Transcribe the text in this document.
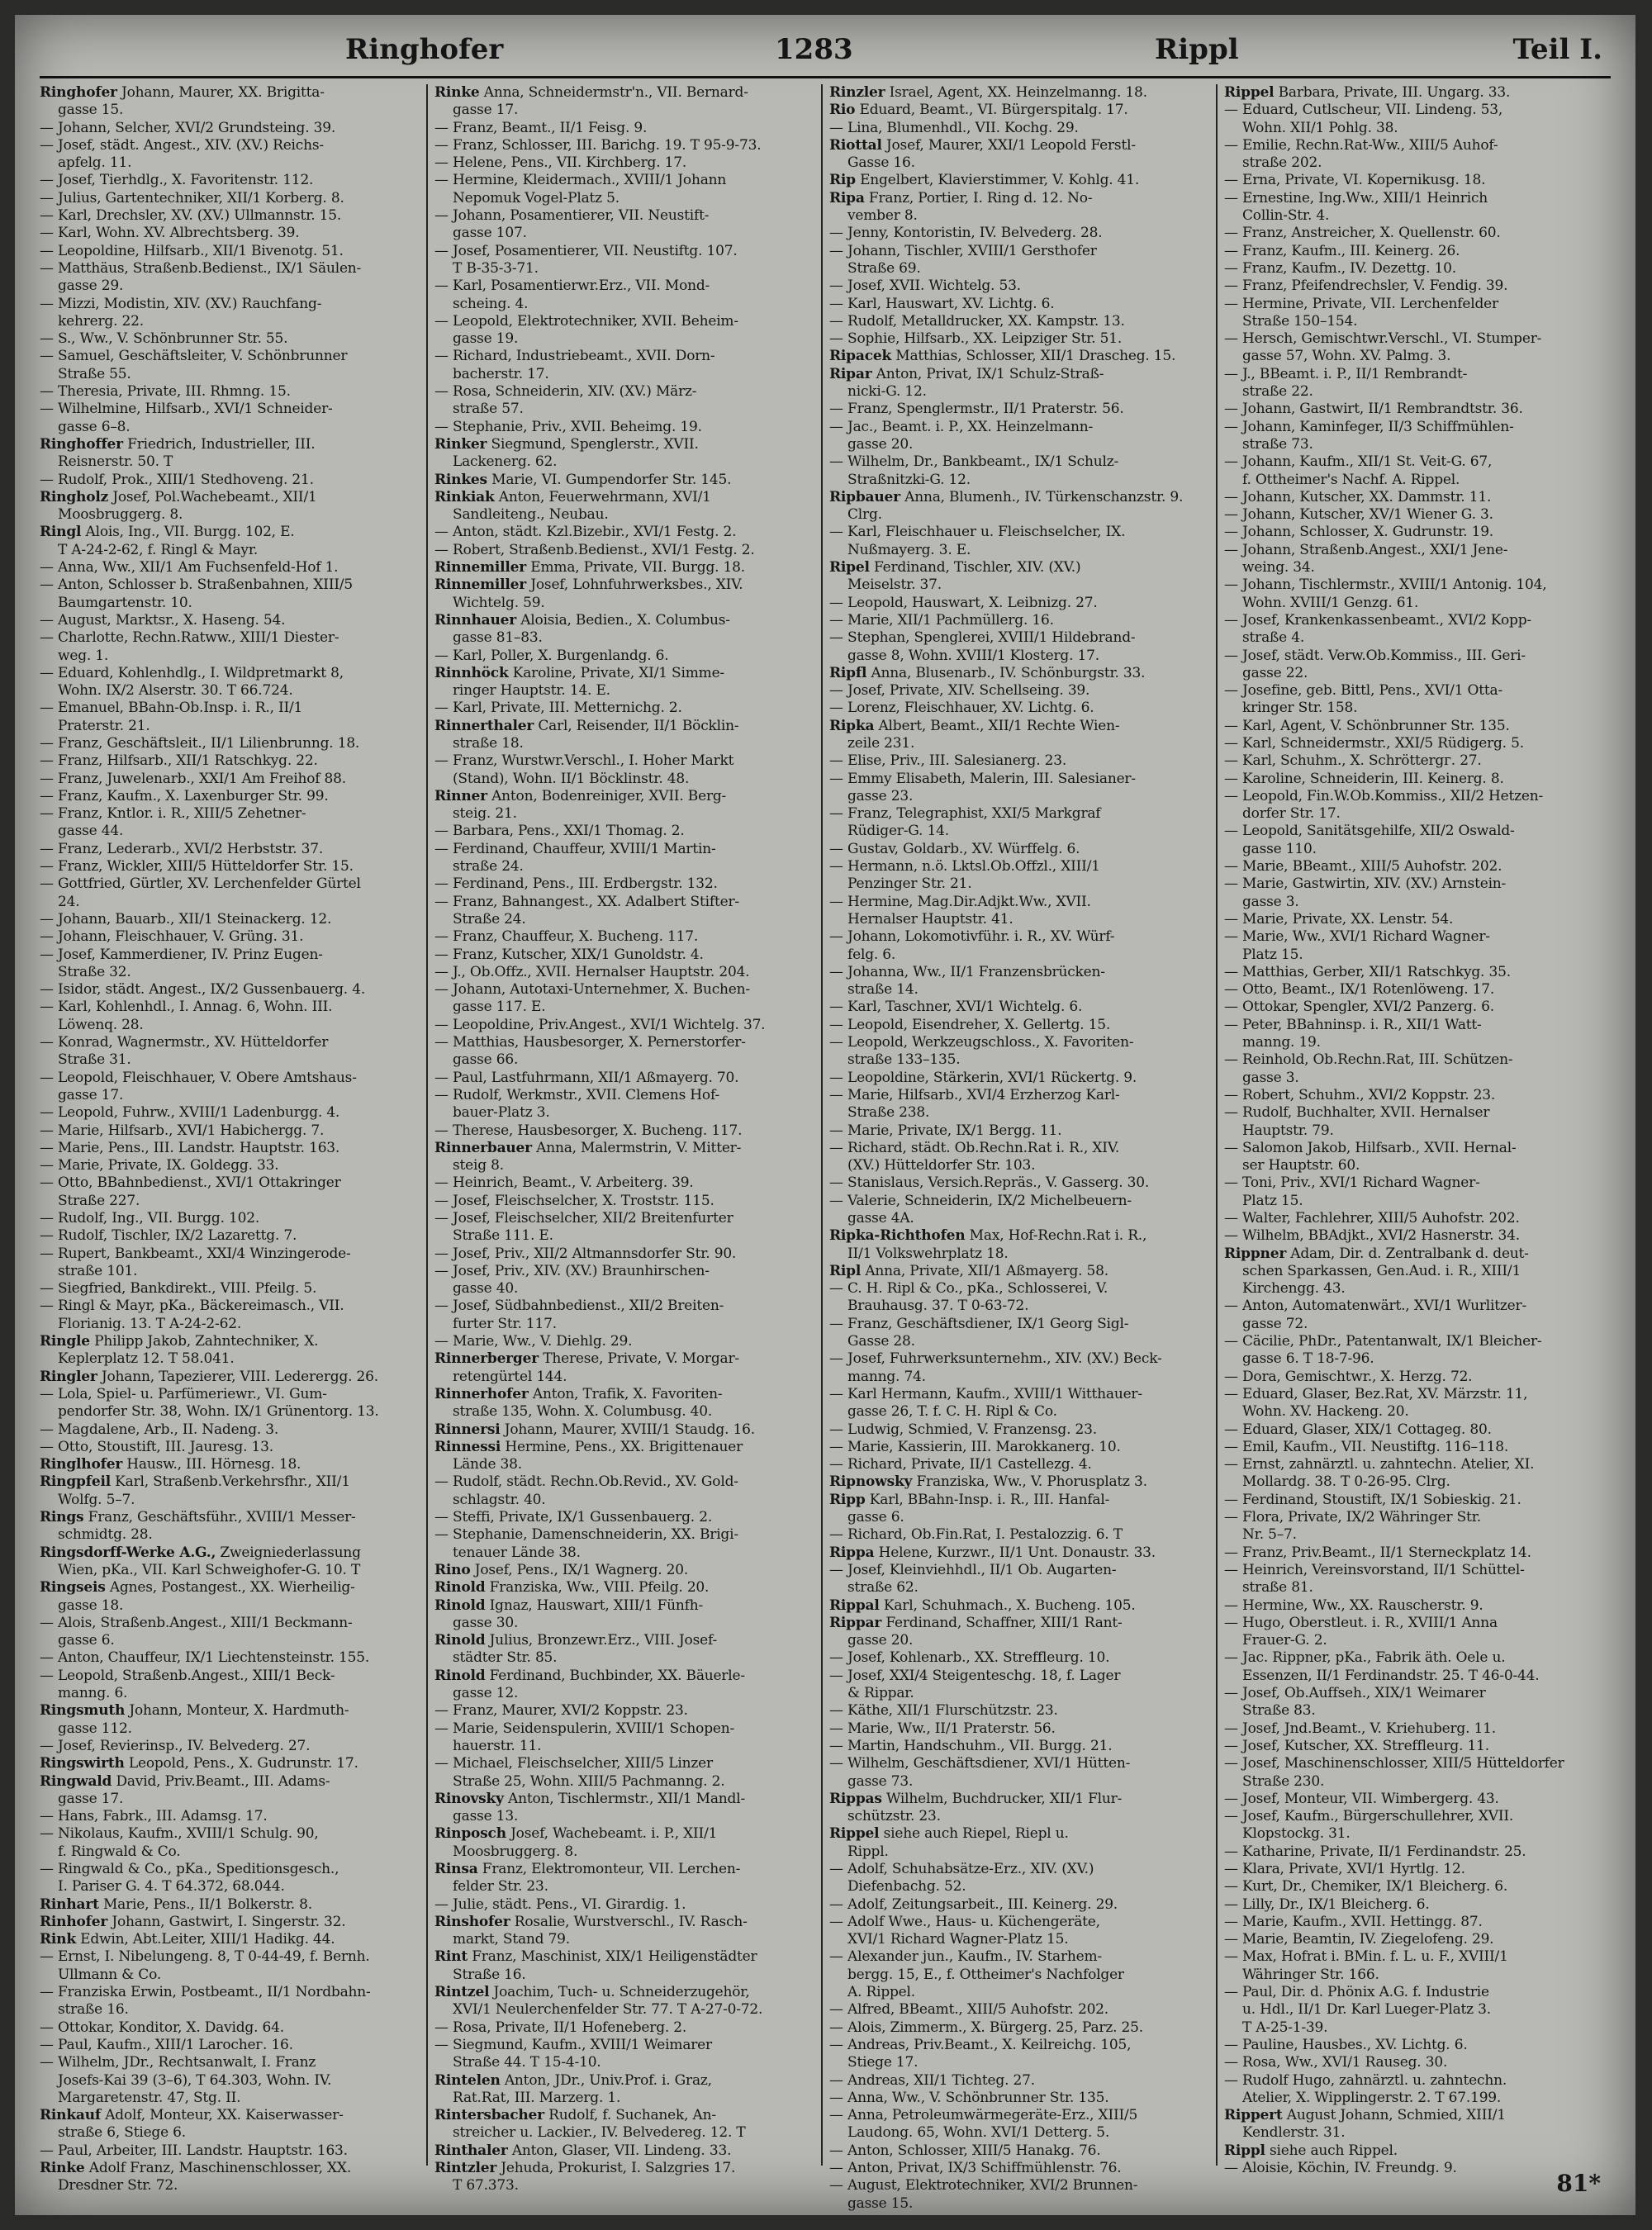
Ringhofer	1283	Rippl	Teil I.
Ringhofer Johann, Maurer, XX. Brigitta-
gasse 15.
— Johann, Selcher, XVI/2 Grundsteing. 39.
— Josef, städt. Angest., XIV. (XV.) Reichs-
apfelg. 11.
— Josef, Tierhdlg., X. Favoritenstr. 112.
— Julius, Gartentechniker, XII/1 Korberg. 8.
— Karl, Drechsler, XV. (XV.) Ullmannstr. 15.
— Karl, Wohn. XV. Albrechtsberg. 39.
— Leopoldine, Hilfsarb., XII/1 Bivenotg. 51.
— Matthäus, Straßenb.Bedienst., IX/1 Säulen-
gasse 29.
— Mizzi, Modistin, XIV. (XV.) Rauchfang-
kehrerg. 22.
— S., Ww., V. Schönbrunner Str. 55.
— Samuel, Geschäftsleiter, V. Schönbrunner
Straße 55.
— Theresia, Private, III. Rhmng. 15.
— Wilhelmine, Hilfsarb., XVI/1 Schneider-
gasse 6–8.
Ringhoffer Friedrich, Industrieller, III.
Reisnerstr. 50. T
— Rudolf, Prok., XIII/1 Stedhoveng. 21.
Ringholz Josef, Pol.Wachebeamt., XII/1
Moosbruggerg. 8.
Ringl Alois, Ing., VII. Burgg. 102, E.
T A-24-2-62, f. Ringl & Mayr.
— Anna, Ww., XII/1 Am Fuchsenfeld-Hof 1.
— Anton, Schlosser b. Straßenbahnen, XIII/5
Baumgartenstr. 10.
— August, Marktsr., X. Haseng. 54.
— Charlotte, Rechn.Ratww., XIII/1 Diester-
weg. 1.
— Eduard, Kohlenhdlg., I. Wildpretmarkt 8,
Wohn. IX/2 Alserstr. 30. T 66.724.
— Emanuel, BBahn-Ob.Insp. i. R., II/1
Praterstr. 21.
— Franz, Geschäftsleit., II/1 Lilienbrunng. 18.
— Franz, Hilfsarb., XII/1 Ratschkyg. 22.
— Franz, Juwelenarb., XXI/1 Am Freihof 88.
— Franz, Kaufm., X. Laxenburger Str. 99.
— Franz, Kntlor. i. R., XIII/5 Zehetner-
gasse 44.
— Franz, Lederarb., XVI/2 Herbststr. 37.
— Franz, Wickler, XIII/5 Hütteldorfer Str. 15.
— Gottfried, Gürtler, XV. Lerchenfelder Gürtel
24.
— Johann, Bauarb., XII/1 Steinackerg. 12.
— Johann, Fleischhauer, V. Grüng. 31.
— Josef, Kammerdiener, IV. Prinz Eugen-
Straße 32.
— Isidor, städt. Angest., IX/2 Gussenbauerg. 4.
— Karl, Kohlenhdl., I. Annag. 6, Wohn. III.
Löwenq. 28.
— Konrad, Wagnermstr., XV. Hütteldorfer
Straße 31.
— Leopold, Fleischhauer, V. Obere Amtshaus-
gasse 17.
— Leopold, Fuhrw., XVIII/1 Ladenburgg. 4.
— Marie, Hilfsarb., XVI/1 Habichergg. 7.
— Marie, Pens., III. Landstr. Hauptstr. 163.
— Marie, Private, IX. Goldegg. 33.
— Otto, BBahnbedienst., XVI/1 Ottakringer
Straße 227.
— Rudolf, Ing., VII. Burgg. 102.
— Rudolf, Tischler, IX/2 Lazarettg. 7.
— Rupert, Bankbeamt., XXI/4 Winzingerode-
straße 101.
— Siegfried, Bankdirekt., VIII. Pfeilg. 5.
— Ringl & Mayr, pKa., Bäckereimasch., VII.
Florianig. 13. T A-24-2-62.
Ringle Philipp Jakob, Zahntechniker, X.
Keplerplatz 12. T 58.041.
Ringler Johann, Tapezierer, VIII. Lederergg. 26.
— Lola, Spiel- u. Parfümeriewr., VI. Gum-
pendorfer Str. 38, Wohn. IX/1 Grünentorg. 13.
— Magdalene, Arb., II. Nadeng. 3.
— Otto, Stoustift, III. Jauresg. 13.
Ringlhofer Hausw., III. Hörnesg. 18.
Ringpfeil Karl, Straßenb.Verkehrsfhr., XII/1
Wolfg. 5–7.
Rings Franz, Geschäftsführ., XVIII/1 Messer-
schmidtg. 28.
Ringsdorff-Werke A.G., Zweigniederlassung
Wien, pKa., VII. Karl Schweighofer-G. 10. T
Ringseis Agnes, Postangest., XX. Wierheilig-
gasse 18.
— Alois, Straßenb.Angest., XIII/1 Beckmann-
gasse 6.
— Anton, Chauffeur, IX/1 Liechtensteinstr. 155.
— Leopold, Straßenb.Angest., XIII/1 Beck-
manng. 6.
Ringsmuth Johann, Monteur, X. Hardmuth-
gasse 112.
— Josef, Revierinsp., IV. Belvederg. 27.
Ringswirth Leopold, Pens., X. Gudrunstr. 17.
Ringwald David, Priv.Beamt., III. Adams-
gasse 17.
— Hans, Fabrk., III. Adamsg. 17.
— Nikolaus, Kaufm., XVIII/1 Schulg. 90,
f. Ringwald & Co.
— Ringwald & Co., pKa., Speditionsgesch.,
I. Pariser G. 4. T 64.372, 68.044.
Rinhart Marie, Pens., II/1 Bolkerstr. 8.
Rinhofer Johann, Gastwirt, I. Singerstr. 32.
Rink Edwin, Abt.Leiter, XIII/1 Hadikg. 44.
— Ernst, I. Nibelungeng. 8, T 0-44-49, f. Bernh.
Ullmann & Co.
— Franziska Erwin, Postbeamt., II/1 Nordbahn-
straße 16.
— Ottokar, Konditor, X. Davidg. 64.
— Paul, Kaufm., XIII/1 Larochег. 16.
— Wilhelm, JDr., Rechtsanwalt, I. Franz
Josefs-Kai 39 (3–6), T 64.303, Wohn. IV.
Margaretenstr. 47, Stg. II.
Rinkauf Adolf, Monteur, XX. Kaiserwasser-
straße 6, Stiege 6.
— Paul, Arbeiter, III. Landstr. Hauptstr. 163.
Rinke Adolf Franz, Maschinenschlosser, XX.
Dresdner Str. 72.
Rinke Anna, Schneidermstr'n., VII. Bernard-
gasse 17.
— Franz, Beamt., II/1 Feisg. 9.
— Franz, Schlosser, III. Barichg. 19. T 95-9-73.
— Helene, Pens., VII. Kirchberg. 17.
— Hermine, Kleidermach., XVIII/1 Johann
Nepomuk Vogel-Platz 5.
— Johann, Posamentierer, VII. Neustift-
gasse 107.
— Josef, Posamentierer, VII. Neustiftg. 107.
T B-35-3-71.
— Karl, Posamentierwr.Erz., VII. Mond-
scheing. 4.
— Leopold, Elektrotechniker, XVII. Beheim-
gasse 19.
— Richard, Industriebeamt., XVII. Dorn-
bacherstr. 17.
— Rosa, Schneiderin, XIV. (XV.) März-
straße 57.
— Stephanie, Priv., XVII. Beheimg. 19.
Rinker Siegmund, Spenglerstr., XVII.
Lackenerg. 62.
Rinkes Marie, VI. Gumpendorfer Str. 145.
Rinkiak Anton, Feuerwehrmann, XVI/1
Sandleiteng., Neubau.
— Anton, städt. Kzl.Bizebir., XVI/1 Festg. 2.
— Robert, Straßenb.Bedienst., XVI/1 Festg. 2.
Rinnemiller Emma, Private, VII. Burgg. 18.
Rinnemiller Josef, Lohnfuhrwerksbes., XIV.
Wichtelg. 59.
Rinnhauer Aloisia, Bedien., X. Columbus-
gasse 81–83.
— Karl, Poller, X. Burgenlandg. 6.
Rinnhöck Karoline, Private, XI/1 Simme-
ringer Hauptstr. 14. E.
— Karl, Private, III. Metternichg. 2.
Rinnerthaler Carl, Reisender, II/1 Böcklin-
straße 18.
— Franz, Wurstwr.Verschl., I. Hoher Markt
(Stand), Wohn. II/1 Böcklinstr. 48.
Rinner Anton, Bodenreiniger, XVII. Berg-
steig. 21.
— Barbara, Pens., XXI/1 Thomag. 2.
— Ferdinand, Chauffeur, XVIII/1 Martin-
straße 24.
— Ferdinand, Pens., III. Erdbergstr. 132.
— Franz, Bahnangest., XX. Adalbert Stifter-
Straße 24.
— Franz, Chauffeur, X. Bucheng. 117.
— Franz, Kutscher, XIX/1 Gunoldstr. 4.
— J., Ob.Offz., XVII. Hernalser Hauptstr. 204.
— Johann, Autotaxi-Unternehmer, X. Buchen-
gasse 117. E.
— Leopoldine, Priv.Angest., XVI/1 Wichtelg. 37.
— Matthias, Hausbesorger, X. Pernerstorfer-
gasse 66.
— Paul, Lastfuhrmann, XII/1 Aßmayerg. 70.
— Rudolf, Werkmstr., XVII. Clemens Hof-
bauer-Platz 3.
— Therese, Hausbesorger, X. Bucheng. 117.
Rinnerbauer Anna, Malermstrin, V. Mitter-
steig 8.
— Heinrich, Beamt., V. Arbeiterg. 39.
— Josef, Fleischselcher, X. Troststr. 115.
— Josef, Fleischselcher, XII/2 Breitenfurter
Straße 111. E.
— Josef, Priv., XII/2 Altmannsdorfer Str. 90.
— Josef, Priv., XIV. (XV.) Braunhirschen-
gasse 40.
— Josef, Südbahnbedienst., XII/2 Breiten-
furter Str. 117.
— Marie, Ww., V. Diehlg. 29.
Rinnerberger Therese, Private, V. Morgar-
retengürtel 144.
Rinnerhofer Anton, Trafik, X. Favoriten-
straße 135, Wohn. X. Columbusg. 40.
Rinnersi Johann, Maurer, XVIII/1 Staudg. 16.
Rinnessi Hermine, Pens., XX. Brigittenauer
Lände 38.
— Rudolf, städt. Rechn.Ob.Revid., XV. Gold-
schlagstr. 40.
— Steffi, Private, IX/1 Gussenbauerg. 2.
— Stephanie, Damenschneiderin, XX. Brigi-
tenauer Lände 38.
Rino Josef, Pens., IX/1 Wagnerg. 20.
Rinold Franziska, Ww., VIII. Pfeilg. 20.
Rinold Ignaz, Hauswart, XIII/1 Fünfh-
gasse 30.
Rinold Julius, Bronzewr.Erz., VIII. Josef-
städter Str. 85.
Rinold Ferdinand, Buchbinder, XX. Bäuerle-
gasse 12.
— Franz, Maurer, XVI/2 Koppstr. 23.
— Marie, Seidenspulerin, XVIII/1 Schopen-
hauerstr. 11.
— Michael, Fleischselcher, XIII/5 Linzer
Straße 25, Wohn. XIII/5 Pachmanng. 2.
Rinovsky Anton, Tischlermstr., XII/1 Mandl-
gasse 13.
Rinposch Josef, Wachebeamt. i. P., XII/1
Moosbruggerg. 8.
Rinsa Franz, Elektromonteur, VII. Lerchen-
felder Str. 23.
— Julie, städt. Pens., VI. Girardig. 1.
Rinshofer Rosalie, Wurstverschl., IV. Rasch-
markt, Stand 79.
Rint Franz, Maschinist, XIX/1 Heiligenstädter
Straße 16.
Rintzel Joachim, Tuch- u. Schneiderzugehör,
XVI/1 Neulerchenfelder Str. 77. T A-27-0-72.
— Rosa, Private, II/1 Hofeneberg. 2.
— Siegmund, Kaufm., XVIII/1 Weimarer
Straße 44. T 15-4-10.
Rintelen Anton, JDr., Univ.Prof. i. Graz,
Rat.Rat, III. Marzerg. 1.
Rintersbacher Rudolf, f. Suchanek, An-
streicher u. Lackier., IV. Belvedereg. 12. T
Rinthaler Anton, Glaser, VII. Lindeng. 33.
Rintzler Jehuda, Prokurist, I. Salzgries 17.
T 67.373.
Rinzler Israel, Agent, XX. Heinzelmanng. 18.
Rio Eduard, Beamt., VI. Bürgerspitalg. 17.
— Lina, Blumenhdl., VII. Kochg. 29.
Riottal Josef, Maurer, XXI/1 Leopold Ferstl-
Gasse 16.
Rip Engelbert, Klavierstimmer, V. Kohlg. 41.
Ripa Franz, Portier, I. Ring d. 12. No-
vember 8.
— Jenny, Kontoristin, IV. Belvederg. 28.
— Johann, Tischler, XVIII/1 Gersthofer
Straße 69.
— Josef, XVII. Wichtelg. 53.
— Karl, Hauswart, XV. Lichtg. 6.
— Rudolf, Metalldrucker, XX. Kampstr. 13.
— Sophie, Hilfsarb., XX. Leipziger Str. 51.
Ripacek Matthias, Schlosser, XII/1 Drascheg. 15.
Ripar Anton, Privat, IX/1 Schulz-Straß-
nicki-G. 12.
— Franz, Spenglermstr., II/1 Praterstr. 56.
— Jac., Beamt. i. P., XX. Heinzelmann-
gasse 20.
— Wilhelm, Dr., Bankbeamt., IX/1 Schulz-
Straßnitzki-G. 12.
Ripbauer Anna, Blumenh., IV. Türkenschanzstr. 9.
Clrg.
— Karl, Fleischhauer u. Fleischselcher, IX.
Nußmayerg. 3. E.
Ripel Ferdinand, Tischler, XIV. (XV.)
Meiselstr. 37.
— Leopold, Hauswart, X. Leibnizg. 27.
— Marie, XII/1 Pachmüllerg. 16.
— Stephan, Spenglerei, XVIII/1 Hildebrand-
gasse 8, Wohn. XVIII/1 Klosterg. 17.
Ripfl Anna, Blusenarb., IV. Schönburgstr. 33.
— Josef, Private, XIV. Schellseing. 39.
— Lorenz, Fleischhauer, XV. Lichtg. 6.
Ripka Albert, Beamt., XII/1 Rechte Wien-
zeile 231.
— Elise, Priv., III. Salesianerg. 23.
— Emmy Elisabeth, Malerin, III. Salesianer-
gasse 23.
— Franz, Telegraphist, XXI/5 Markgraf
Rüdiger-G. 14.
— Gustav, Goldarb., XV. Würffelg. 6.
— Hermann, n.ö. Lktsl.Ob.Offzl., XIII/1
Penzinger Str. 21.
— Hermine, Mag.Dir.Adjkt.Ww., XVII.
Hernalser Hauptstr. 41.
— Johann, Lokomotivführ. i. R., XV. Würf-
felg. 6.
— Johanna, Ww., II/1 Franzensbrücken-
straße 14.
— Karl, Taschner, XVI/1 Wichtelg. 6.
— Leopold, Eisendreher, X. Gellertg. 15.
— Leopold, Werkzeugschloss., X. Favoriten-
straße 133–135.
— Leopoldine, Stärkerin, XVI/1 Rückertg. 9.
— Marie, Hilfsarb., XVI/4 Erzherzog Karl-
Straße 238.
— Marie, Private, IX/1 Bergg. 11.
— Richard, städt. Ob.Rechn.Rat i. R., XIV.
(XV.) Hütteldorfer Str. 103.
— Stanislaus, Versich.Repräs., V. Gasserg. 30.
— Valerie, Schneiderin, IX/2 Michelbeuern-
gasse 4A.
Ripka-Richthofen Max, Hof-Rechn.Rat i. R.,
II/1 Volkswehrplatz 18.
Ripl Anna, Private, XII/1 Aßmayerg. 58.
— C. H. Ripl & Co., pKa., Schlosserei, V.
Brauhausg. 37. T 0-63-72.
— Franz, Geschäftsdiener, IX/1 Georg Sigl-
Gasse 28.
— Josef, Fuhrwerksunternehm., XIV. (XV.) Beck-
manng. 74.
— Karl Hermann, Kaufm., XVIII/1 Witthauer-
gasse 26, T. f. C. H. Ripl & Co.
— Ludwig, Schmied, V. Franzensg. 23.
— Marie, Kassierin, III. Marokkanerg. 10.
— Richard, Private, II/1 Castellezg. 4.
Ripnowsky Franziska, Ww., V. Phorusplatz 3.
Ripp Karl, BBahn-Insp. i. R., III. Hanfal-
gasse 6.
— Richard, Ob.Fin.Rat, I. Pestalozzig. 6. T
Rippa Helene, Kurzwr., II/1 Unt. Donaustr. 33.
— Josef, Kleinviehhdl., II/1 Ob. Augarten-
straße 62.
Rippal Karl, Schuhmach., X. Bucheng. 105.
Rippar Ferdinand, Schaffner, XIII/1 Rant-
gasse 20.
— Josef, Kohlenarb., XX. Streffleurg. 10.
— Josef, XXI/4 Steigenteschg. 18, f. Lager
& Rippar.
— Käthe, XII/1 Flurschützstr. 23.
— Marie, Ww., II/1 Praterstr. 56.
— Martin, Handschuhm., VII. Burgg. 21.
— Wilhelm, Geschäftsdiener, XVI/1 Hütten-
gasse 73.
Rippas Wilhelm, Buchdrucker, XII/1 Flur-
schützstr. 23.
Rippel siehe auch Riepel, Riepl u.
Rippl.
— Adolf, Schuhabsätze-Erz., XIV. (XV.)
Diefenbachg. 52.
— Adolf, Zeitungsarbeit., III. Keinerg. 29.
— Adolf Wwe., Haus- u. Küchengeräte,
XVI/1 Richard Wagner-Platz 15.
— Alexander jun., Kaufm., IV. Starhem-
bergg. 15, E., f. Ottheimer's Nachfolger
A. Rippel.
— Alfred, BBeamt., XIII/5 Auhofstr. 202.
— Alois, Zimmerm., X. Bürgerg. 25, Parz. 25.
— Andreas, Priv.Beamt., X. Keilreichg. 105,
Stiege 17.
— Andreas, XII/1 Tichteg. 27.
— Anna, Ww., V. Schönbrunner Str. 135.
— Anna, Petroleumwärmegeräte-Erz., XIII/5
Laudong. 65, Wohn. XVI/1 Detterg. 5.
— Anton, Schlosser, XIII/5 Hanakg. 76.
— Anton, Privat, IX/3 Schiffmühlenstr. 76.
— August, Elektrotechniker, XVI/2 Brunnen-
gasse 15.
Rippel Barbara, Private, III. Ungarg. 33.
— Eduard, Cutlscheur, VII. Lindeng. 53,
Wohn. XII/1 Pohlg. 38.
— Emilie, Rechn.Rat-Ww., XIII/5 Auhof-
straße 202.
— Erna, Private, VI. Kopernikusg. 18.
— Ernestine, Ing.Ww., XIII/1 Heinrich
Collin-Str. 4.
— Franz, Anstreicher, X. Quellenstr. 60.
— Franz, Kaufm., III. Keinerg. 26.
— Franz, Kaufm., IV. Dezettg. 10.
— Franz, Pfeifendrechsler, V. Fendig. 39.
— Hermine, Private, VII. Lerchenfelder
Straße 150–154.
— Hersch, Gemischtwr.Verschl., VI. Stumper-
gasse 57, Wohn. XV. Palmg. 3.
— J., BBeamt. i. P., II/1 Rembrandt-
straße 22.
— Johann, Gastwirt, II/1 Rembrandtstr. 36.
— Johann, Kaminfeger, II/3 Schiffmühlen-
straße 73.
— Johann, Kaufm., XII/1 St. Veit-G. 67,
f. Ottheimer's Nachf. A. Rippel.
— Johann, Kutscher, XX. Dammstr. 11.
— Johann, Kutscher, XV/1 Wiener G. 3.
— Johann, Schlosser, X. Gudrunstr. 19.
— Johann, Straßenb.Angest., XXI/1 Jene-
weing. 34.
— Johann, Tischlermstr., XVIII/1 Antonig. 104,
Wohn. XVIII/1 Genzg. 61.
— Josef, Krankenkassenbeamt., XVI/2 Kopp-
straße 4.
— Josef, städt. Verw.Ob.Kommiss., III. Geri-
gasse 22.
— Josefine, geb. Bittl, Pens., XVI/1 Otta-
kringer Str. 158.
— Karl, Agent, V. Schönbrunner Str. 135.
— Karl, Schneidermstr., XXI/5 Rüdigerg. 5.
— Karl, Schuhm., X. Schröttergг. 27.
— Karoline, Schneiderin, III. Keinerg. 8.
— Leopold, Fin.W.Ob.Kommiss., XII/2 Hetzen-
dorfer Str. 17.
— Leopold, Sanitätsgehilfe, XII/2 Oswald-
gasse 110.
— Marie, BBeamt., XIII/5 Auhofstr. 202.
— Marie, Gastwirtin, XIV. (XV.) Arnstein-
gasse 3.
— Marie, Private, XX. Lenstr. 54.
— Marie, Ww., XVI/1 Richard Wagner-
Platz 15.
— Matthias, Gerber, XII/1 Ratschkyg. 35.
— Otto, Beamt., IX/1 Rotenlöweng. 17.
— Ottokar, Spengler, XVI/2 Panzerg. 6.
— Peter, BBahninsp. i. R., XII/1 Watt-
manng. 19.
— Reinhold, Ob.Rechn.Rat, III. Schützen-
gasse 3.
— Robert, Schuhm., XVI/2 Koppstr. 23.
— Rudolf, Buchhalter, XVII. Hernalser
Hauptstr. 79.
— Salomon Jakob, Hilfsarb., XVII. Hernal-
ser Hauptstr. 60.
— Toni, Priv., XVI/1 Richard Wagner-
Platz 15.
— Walter, Fachlehrer, XIII/5 Auhofstr. 202.
— Wilhelm, BBAdjkt., XVI/2 Hasnerstr. 34.
Rippner Adam, Dir. d. Zentralbank d. deut-
schen Sparkassen, Gen.Aud. i. R., XIII/1
Kirchengg. 43.
— Anton, Automatenwärt., XVI/1 Wurlitzer-
gasse 72.
— Cäcilie, PhDr., Patentanwalt, IX/1 Bleicher-
gasse 6. T 18-7-96.
— Dora, Gemischtwr., X. Herzg. 72.
— Eduard, Glaser, Bez.Rat, XV. Märzstr. 11,
Wohn. XV. Hackeng. 20.
— Eduard, Glaser, XIX/1 Cottageg. 80.
— Emil, Kaufm., VII. Neustiftg. 116–118.
— Ernst, zahnärztl. u. zahntechn. Atelier, XI.
Mollardg. 38. T 0-26-95. Clrg.
— Ferdinand, Stoustift, IX/1 Sobieskig. 21.
— Flora, Private, IX/2 Währinger Str.
Nr. 5–7.
— Franz, Priv.Beamt., II/1 Sternеckplatz 14.
— Heinrich, Vereinsvorstand, II/1 Schüttel-
straße 81.
— Hermine, Ww., XX. Rauscherstr. 9.
— Hugo, Oberstleut. i. R., XVIII/1 Anna
Frauer-G. 2.
— Jac. Rippner, pKa., Fabrik äth. Oele u.
Essenzen, II/1 Ferdinandstr. 25. T 46-0-44.
— Josef, Ob.Auffseh., XIX/1 Weimarer
Straße 83.
— Josef, Jnd.Beamt., V. Kriehuberg. 11.
— Josef, Kutscher, XX. Streffleurg. 11.
— Josef, Maschinenschlosser, XIII/5 Hütteldorfer
Straße 230.
— Josef, Monteur, VII. Wimbergerg. 43.
— Josef, Kaufm., Bürgerschullehrer, XVII.
Klopstockg. 31.
— Katharine, Private, II/1 Ferdinandstr. 25.
— Klara, Private, XVI/1 Hyrtlg. 12.
— Kurt, Dr., Chemiker, IX/1 Bleicherg. 6.
— Lilly, Dr., IX/1 Bleicherg. 6.
— Marie, Kaufm., XVII. Hettingg. 87.
— Marie, Beamtin, IV. Ziegelofeng. 29.
— Max, Hofrat i. BMin. f. L. u. F., XVIII/1
Währinger Str. 166.
— Paul, Dir. d. Phönix A.G. f. Industrie
u. Hdl., II/1 Dr. Karl Lueger-Platz 3.
T A-25-1-39.
— Pauline, Hausbes., XV. Lichtg. 6.
— Rosa, Ww., XVI/1 Rauseg. 30.
— Rudolf Hugo, zahnärztl. u. zahntechn.
Atelier, X. Wipplingerstr. 2. T 67.199.
Rippert August Johann, Schmied, XIII/1
Kendlerstr. 31.
Rippl siehe auch Rippel.
— Aloisie, Köchin, IV. Freundg. 9.
81*
